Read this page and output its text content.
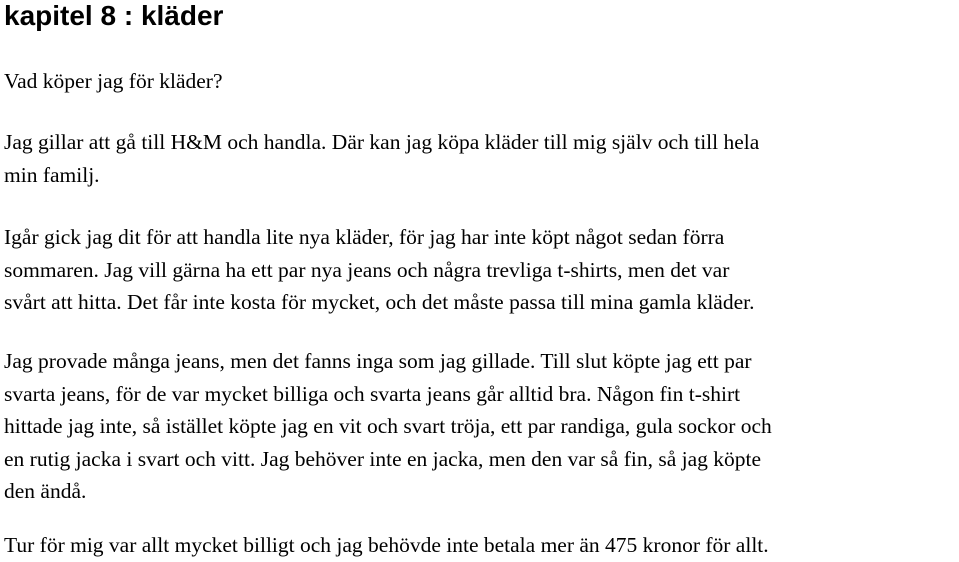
kapitel 8 : kläder

Vad köper jag för kläder?

Jag gillar att gå till H&M och handla. Där kan jag köpa kläder till mig själv och till hela
min familj.

Igår gick jag dit för att handla lite nya kläder, för jag har inte köpt något sedan förra
sommaren. Jag vill gärna ha ett par nya jeans och några trevliga t-shirts, men det var
svårt att hitta. Det får inte kosta för mycket, och det måste passa till mina gamla kläder.

Jag provade många jeans, men det fanns inga som jag gillade. Till slut köpte jag ett par
svarta jeans, för de var mycket billiga och svarta jeans går alltid bra. Någon fin t-shirt
hittade jag inte, så istället köpte jag en vit och svart tröja, ett par randiga, gula sockor och
en rutig jacka i svart och vitt. Jag behöver inte en jacka, men den var så fin, så jag köpte
den ändå.

Tur för mig var allt mycket billigt och jag behövde inte betala mer än 475 kronor för allt.
